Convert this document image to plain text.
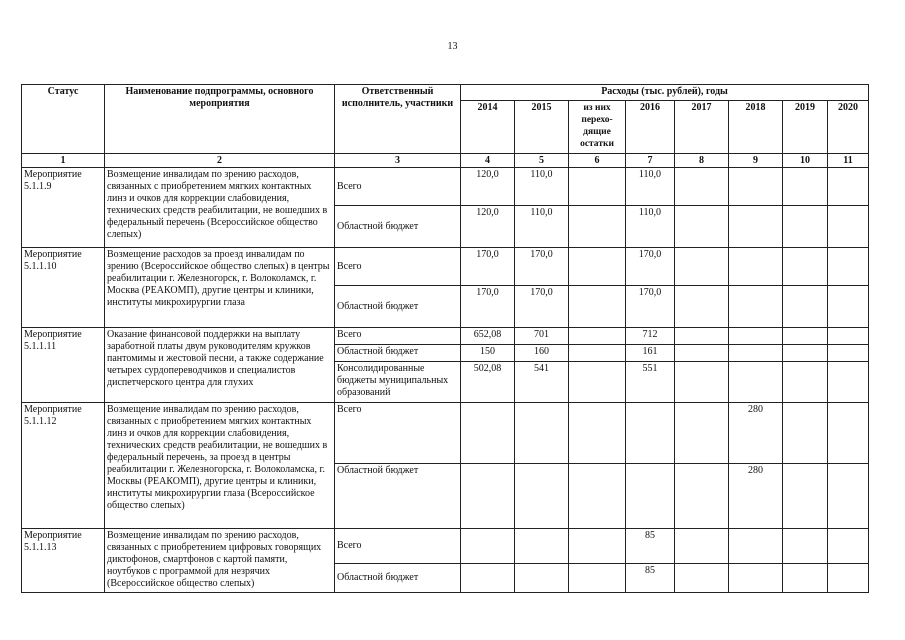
13
Статус	Наименование подпрограммы, основного мероприятия	Ответственный исполнитель, участники	Расходы (тыс. рублей), годы							
			2014	2015	из них перехо-дящие остатки	2016	2017	2018	2019	2020
1	2	3	4	5	6	7	8	9	10	11
Мероприятие 5.1.1.9	Возмещение инвалидам по зрению расходов, связанных с приобретением мягких контактных линз и очков для коррекции слабовидения, технических средств реабилитации, не вошедших в федеральный перечень (Всероссийское общество слепых)	Всего	120,0	110,0		110,0				
		Областной бюджет	120,0	110,0		110,0				
Мероприятие 5.1.1.10	Возмещение расходов за проезд инвалидам по зрению (Всероссийское общество слепых) в центры реабилитации г. Железногорск, г. Волоколамск, г. Москва (РЕАКОМП), другие центры и клиники, институты микрохирургии глаза	Всего	170,0	170,0		170,0				
		Областной бюджет	170,0	170,0		170,0				
Мероприятие 5.1.1.11	Оказание финансовой поддержки на выплату заработной платы двум руководителям кружков пантомимы и жестовой песни, а также содержание четырех сурдопереводчиков и специалистов диспетчерского центра для глухих	Всего	652,08	701		712				
		Областной бюджет	150	160		161				
		Консолидированные бюджеты муниципальных образований	502,08	541		551				
Мероприятие 5.1.1.12	Возмещение инвалидам по зрению расходов, связанных с приобретением мягких контактных линз и очков для коррекции слабовидения, технических средств реабилитации, не вошедших в федеральный перечень, за проезд в центры реабилитации г. Железногорска, г. Волоколамска, г. Москвы (РЕАКОМП), другие центры и клиники, институты микрохирургии глаза (Всероссийское общество слепых)	Всего						280		
		Областной бюджет						280		
Мероприятие 5.1.1.13	Возмещение инвалидам по зрению расходов, связанных с приобретением цифровых говорящих диктофонов, смартфонов с картой памяти, ноутбуков с программой для незрячих (Всероссийское общество слепых)	Всего				85				
		Областной бюджет				85				
